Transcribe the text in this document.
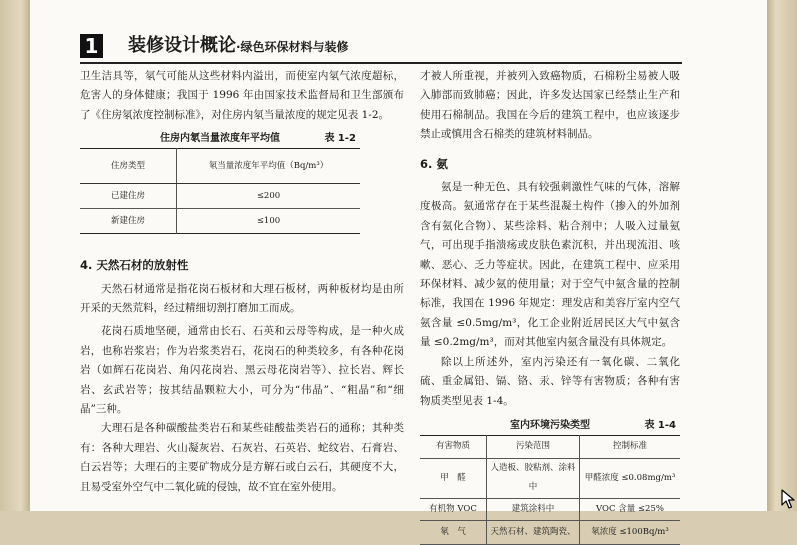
1 装修设计概论·绿色环保材料与装修

卫生洁具等，氡气可能从这些材料内溢出，而使室内氡气浓度超标，危害人的身体健康；我国于 1996 年由国家技术监督局和卫生部颁布了《住房氡浓度控制标准》，对住房内氡当量浓度的规定见表 1-2。

住房内氡当量浓度年平均值	表 1-2
住房类型	氡当量浓度年平均值（Bq/m³）
已建住房	≤200
新建住房	≤100
4. 天然石材的放射性

天然石材通常是指花岗石板材和大理石板材，两种板材均是由所开采的天然荒料，经过精细切割打磨加工而成。

花岗石质地坚硬，通常由长石、石英和云母等构成，是一种火成岩，也称岩浆岩；作为岩浆类岩石，花岗石的种类较多，有各种花岗岩（如辉石花岗岩、角闪花岗岩、黑云母花岗岩等）、拉长岩、辉长岩、玄武岩等；按其结晶颗粒大小，可分为“伟晶”、“粗晶”和“细晶”三种。

大理石是各种碳酸盐类岩石和某些硅酸盐类岩石的通称；其种类有：各种大理岩、火山凝灰岩、石灰岩、石英岩、蛇纹岩、石膏岩、白云岩等；大理石的主要矿物成分是方解石或白云石，其硬度不大，且易受室外空气中二氧化硫的侵蚀，故不宜在室外使用。

才被人所重视，并被列入致癌物质，石棉粉尘易被人吸入肺部而致肺癌；因此，许多发达国家已经禁止生产和使用石棉制品。我国在今后的建筑工程中，也应该逐步禁止或慎用含石棉类的建筑材料制品。

6. 氨

氨是一种无色、具有较强刺激性气味的气体，溶解度极高。氨通常存在于某些混凝土构件（掺入的外加剂含有氨化合物）、某些涂料、粘合剂中；人吸入过量氨气，可出现手指溃疡或皮肤色素沉积，并出现流泪、咳嗽、恶心、乏力等症状。因此，在建筑工程中、应采用环保材料、减少氨的使用量；对于空气中氨含量的控制标准，我国在 1996 年规定：理发店和美容厅室内空气氨含量 ≤0.5mg/m³，化工企业附近居民区大气中氨含量 ≤0.2mg/m³，而对其他室内氨含量没有具体规定。

除以上所述外，室内污染还有一氧化碳、二氧化硫、重金属铅、镉、铬、汞、锌等有害物质；各种有害物质类型见表 1-4。

室内环境污染类型	表 1-4
有害物质	污染范围	控制标准
甲　醛	人造板、胶粘剂、涂料中	甲醛浓度 ≤0.08mg/m³
有机物 VOC	建筑涂料中	VOC 含量 ≤25%
氡　气	天然石材、建筑陶瓷、	氡浓度 ≤100Bq/m³
